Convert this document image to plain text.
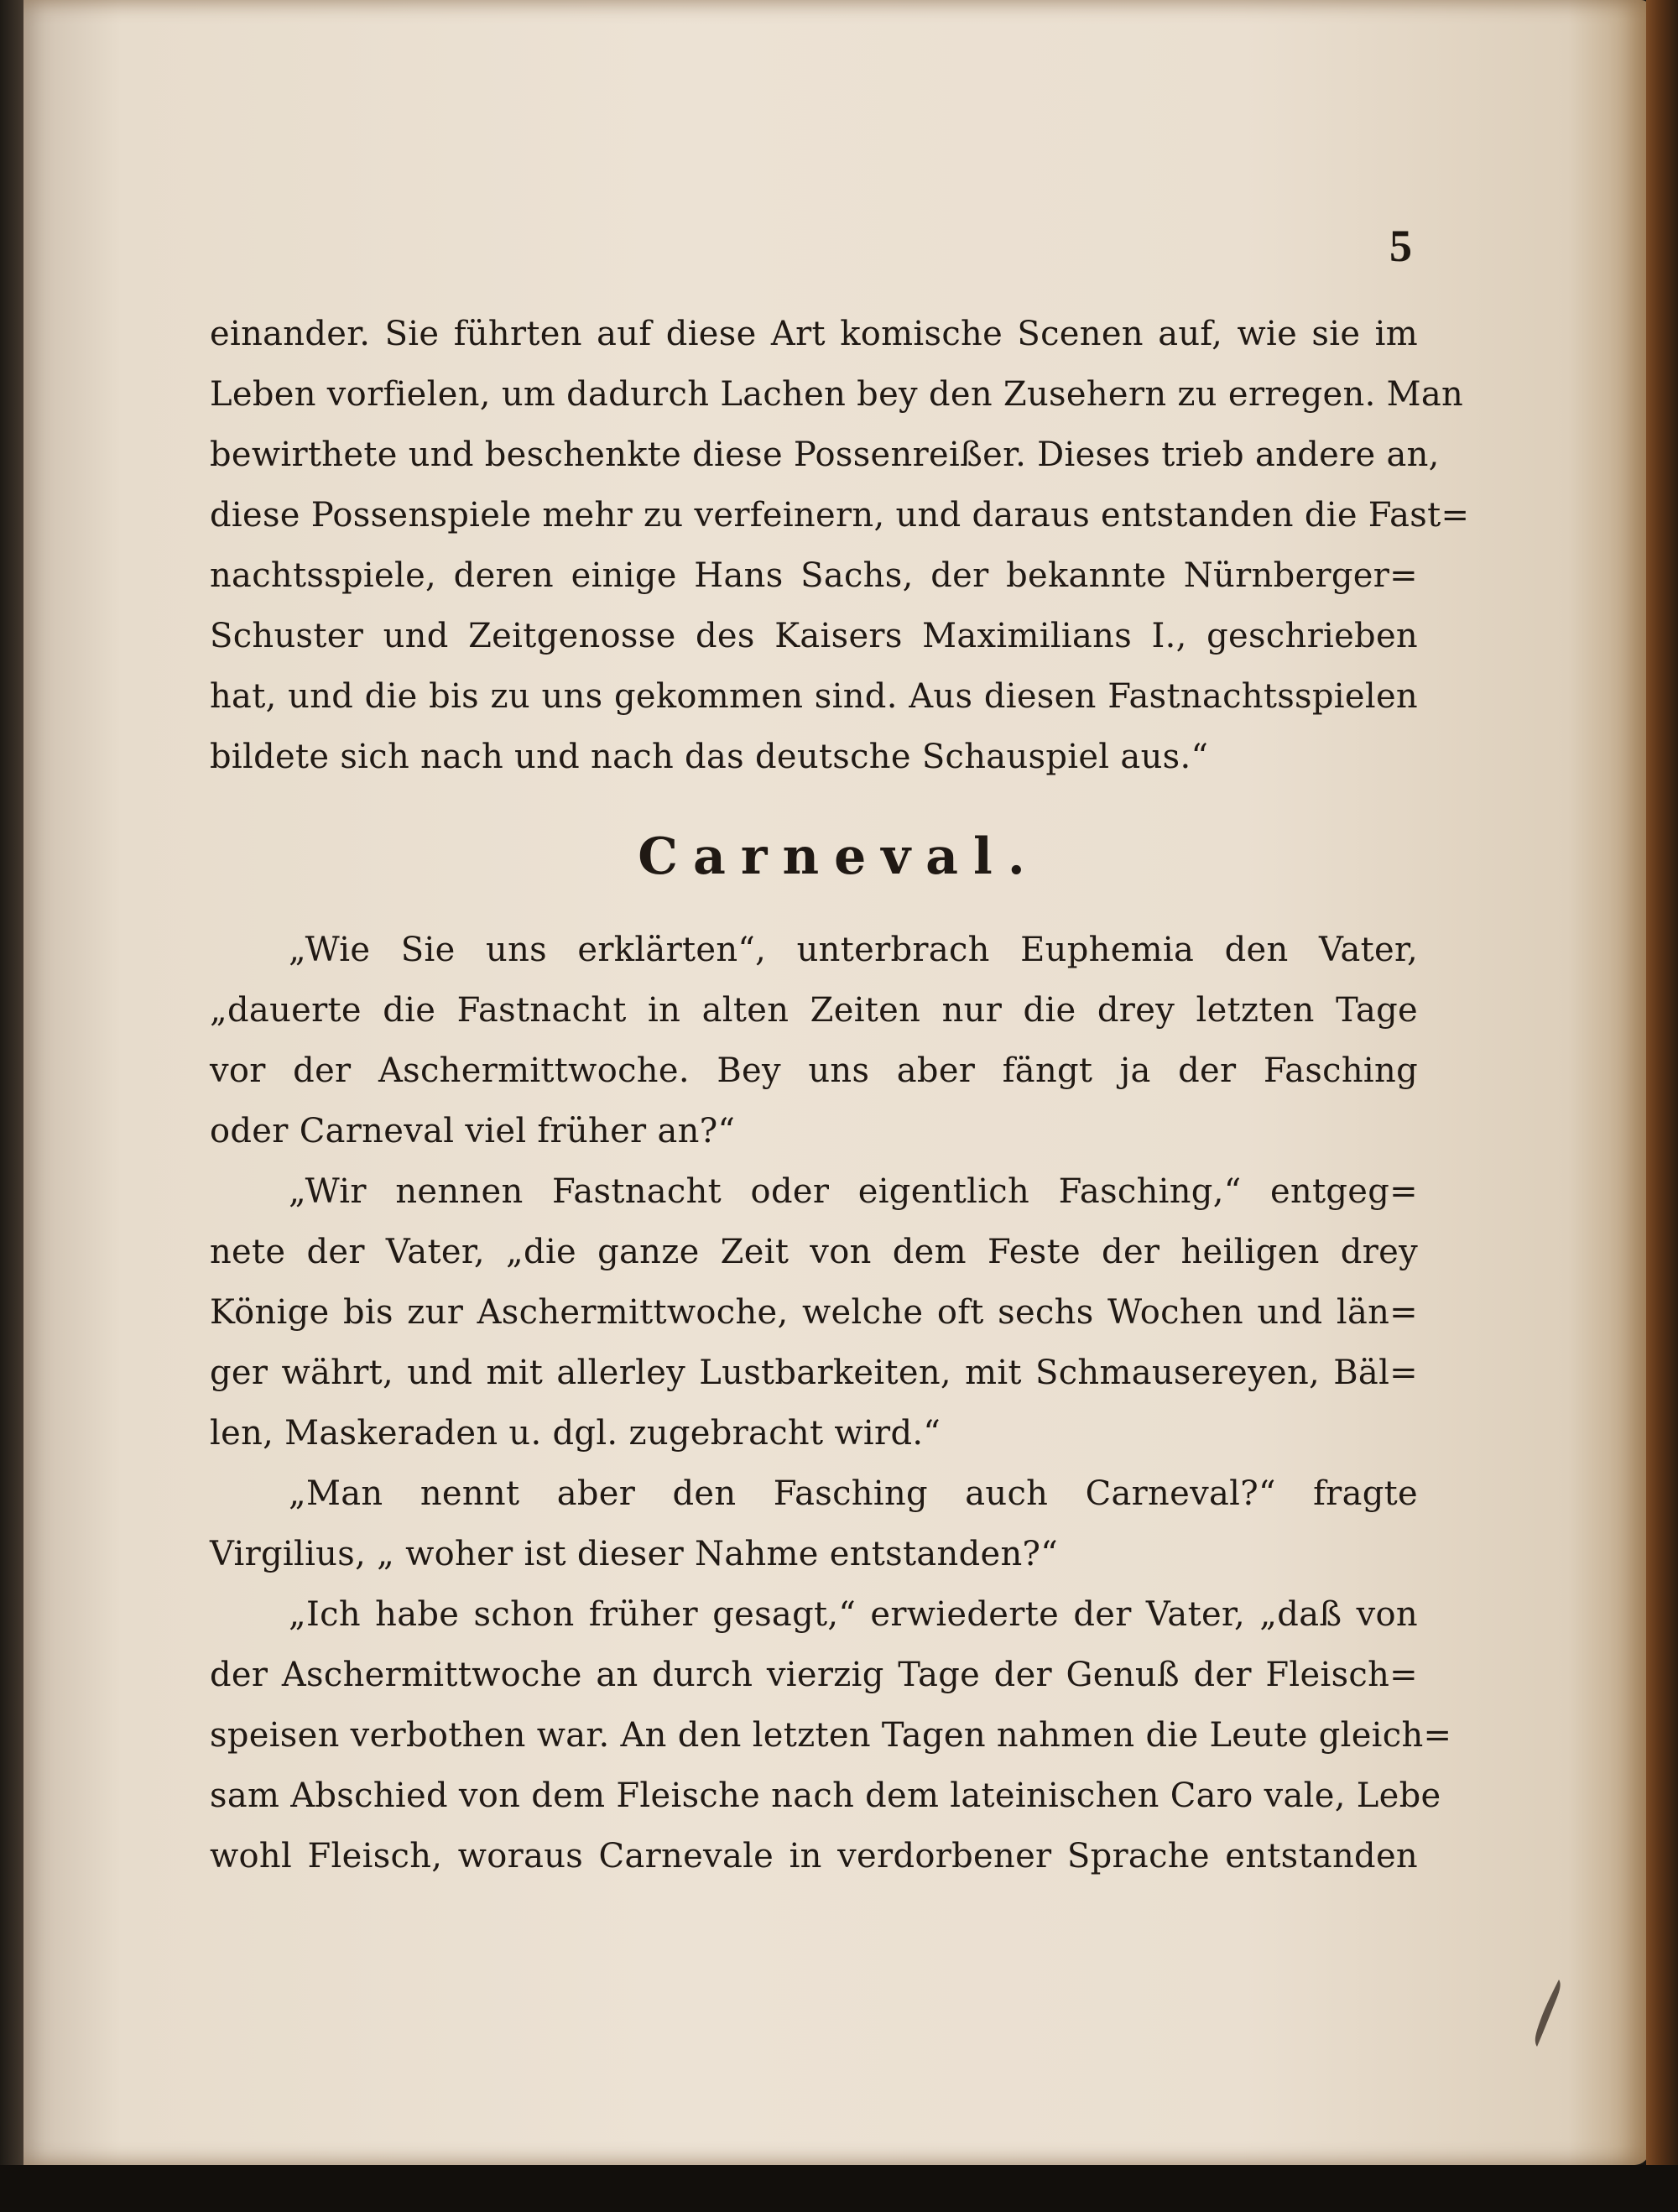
5
einander. Sie führten auf diese Art komische Scenen auf, wie sie im
Leben vorfielen, um dadurch Lachen bey den Zusehern zu erregen. Man
bewirthete und beschenkte diese Possenreißer. Dieses trieb andere an,
diese Possenspiele mehr zu verfeinern, und daraus entstanden die Fast=
nachtsspiele, deren einige Hans Sachs, der bekannte Nürnberger=
Schuster und Zeitgenosse des Kaisers Maximilians I., geschrieben
hat, und die bis zu uns gekommen sind. Aus diesen Fastnachtsspielen
bildete sich nach und nach das deutsche Schauspiel aus.“
Carneval.
„Wie Sie uns erklärten“, unterbrach Euphemia den Vater,
„dauerte die Fastnacht in alten Zeiten nur die drey letzten Tage
vor der Aschermittwoche. Bey uns aber fängt ja der Fasching
oder Carneval viel früher an?“
„Wir nennen Fastnacht oder eigentlich Fasching,“ entgeg=
nete der Vater, „die ganze Zeit von dem Feste der heiligen drey
Könige bis zur Aschermittwoche, welche oft sechs Wochen und län=
ger währt, und mit allerley Lustbarkeiten, mit Schmausereyen, Bäl=
len, Maskeraden u. dgl. zugebracht wird.“
„Man nennt aber den Fasching auch Carneval?“ fragte
Virgilius, „ woher ist dieser Nahme entstanden?“
„Ich habe schon früher gesagt,“ erwiederte der Vater, „daß von
der Aschermittwoche an durch vierzig Tage der Genuß der Fleisch=
speisen verbothen war. An den letzten Tagen nahmen die Leute gleich=
sam Abschied von dem Fleische nach dem lateinischen Caro vale, Lebe
wohl Fleisch, woraus Carnevale in verdorbener Sprache entstanden
